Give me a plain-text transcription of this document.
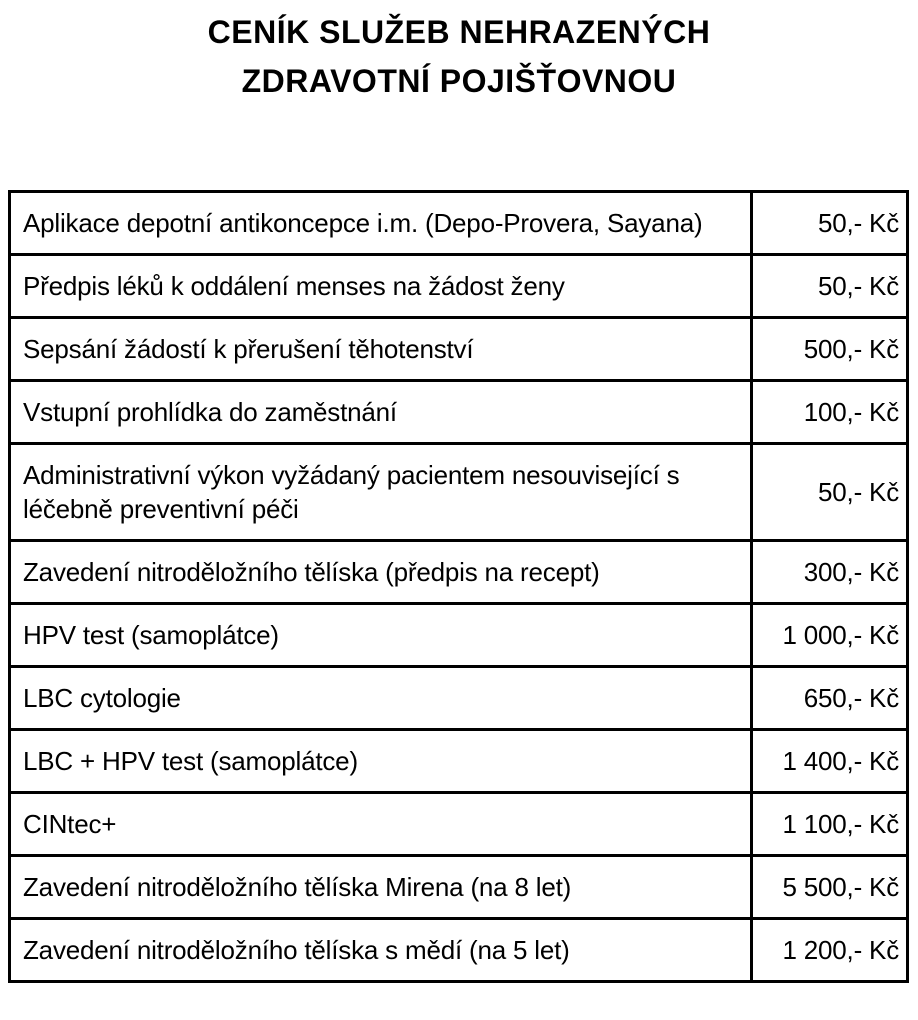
CENÍK SLUŽEB NEHRAZENÝCH
ZDRAVOTNÍ POJIŠŤOVNOU
Aplikace depotní antikoncepce i.m. (Depo-Provera, Sayana)	50,- Kč
Předpis léků k oddálení menses na žádost ženy	50,- Kč
Sepsání žádostí k přerušení těhotenství	500,- Kč
Vstupní prohlídka do zaměstnání	100,- Kč
Administrativní výkon vyžádaný pacientem nesouvisející s léčebně preventivní péči	50,- Kč
Zavedení nitroděložního tělíska (předpis na recept)	300,- Kč
HPV test (samoplátce)	1 000,- Kč
LBC cytologie	650,- Kč
LBC + HPV test (samoplátce)	1 400,- Kč
CINtec+	1 100,- Kč
Zavedení nitroděložního tělíska Mirena (na 8 let)	5 500,- Kč
Zavedení nitroděložního tělíska s mědí (na 5 let)	1 200,- Kč
